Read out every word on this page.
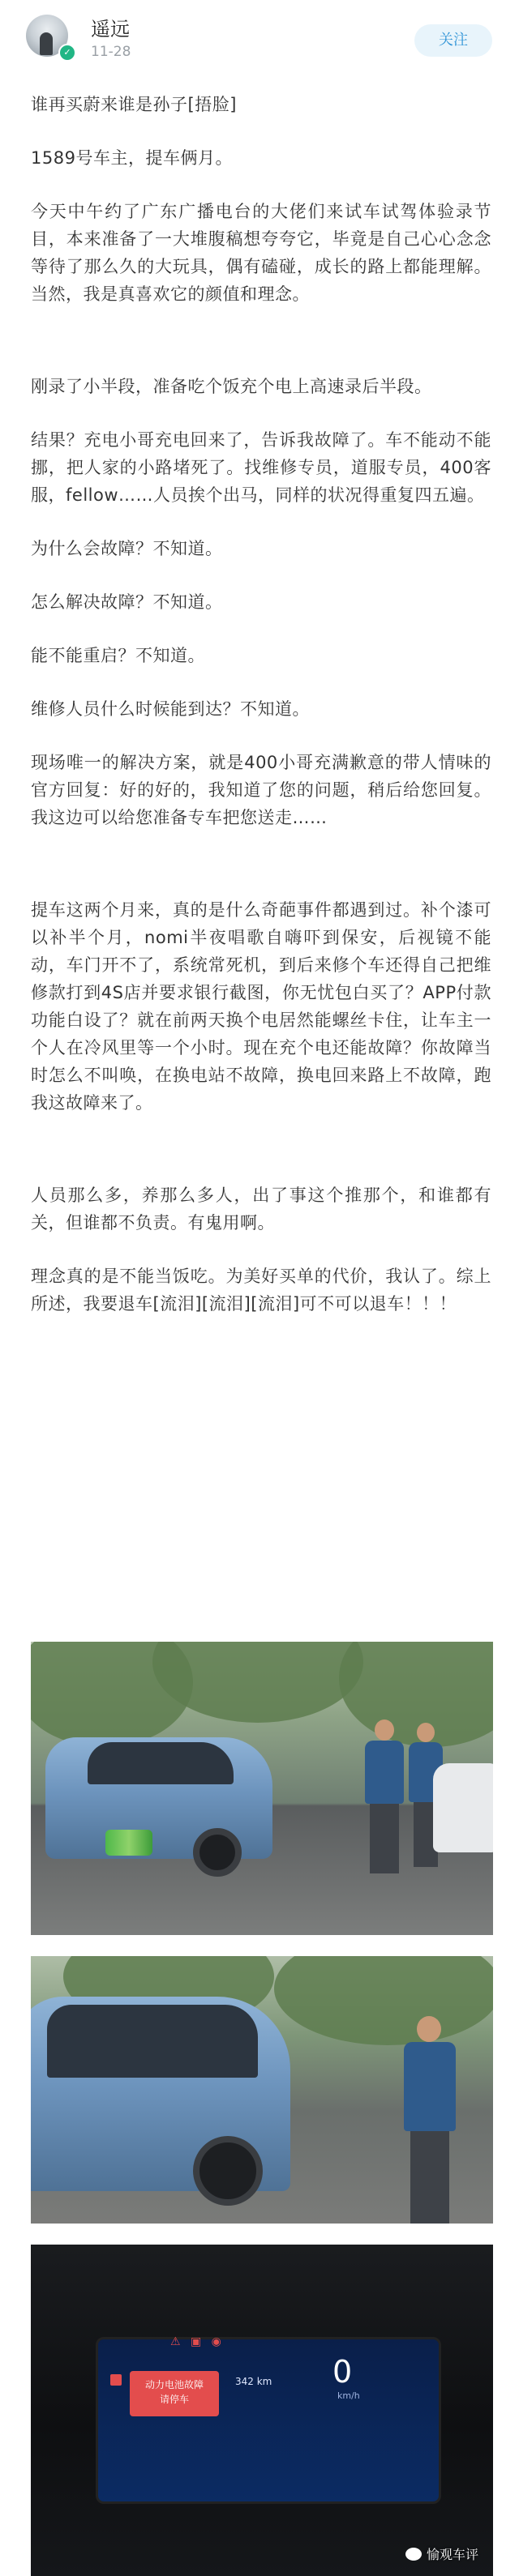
✓
遥远
11-28
关注

谁再买蔚来谁是孙子[捂脸]

1589号车主，提车俩月。

今天中午约了广东广播电台的大佬们来试车试驾体验录节目，本来准备了一大堆腹稿想夸夸它，毕竟是自己心心念念等待了那么久的大玩具，偶有磕碰，成长的路上都能理解。当然，我是真喜欢它的颜值和理念。

刚录了小半段，准备吃个饭充个电上高速录后半段。

结果？充电小哥充电回来了，告诉我故障了。车不能动不能挪，把人家的小路堵死了。找维修专员，道服专员，400客服，fellow……人员挨个出马，同样的状况得重复四五遍。

为什么会故障？不知道。

怎么解决故障？不知道。

能不能重启？不知道。

维修人员什么时候能到达？不知道。

现场唯一的解决方案，就是400小哥充满歉意的带人情味的官方回复：好的好的，我知道了您的问题，稍后给您回复。我这边可以给您准备专车把您送走……

提车这两个月来，真的是什么奇葩事件都遇到过。补个漆可以补半个月，nomi半夜唱歌自嗨吓到保安，后视镜不能动，车门开不了，系统常死机，到后来修个车还得自己把维修款打到4S店并要求银行截图，你无忧包白买了？APP付款功能白设了？就在前两天换个电居然能螺丝卡住，让车主一个人在冷风里等一个小时。现在充个电还能故障？你故障当时怎么不叫唤，在换电站不故障，换电回来路上不故障，跑我这故障来了。

人员那么多，养那么多人，出了事这个推那个，和谁都有关，但谁都不负责。有鬼用啊。

理念真的是不能当饭吃。为美好买单的代价，我认了。综上所述，我要退车[流泪][流泪][流泪]可不可以退车！！！

⚠ ▣ ◉
动力电池故障
请停车
342 km 0
km/h
愉观车评
